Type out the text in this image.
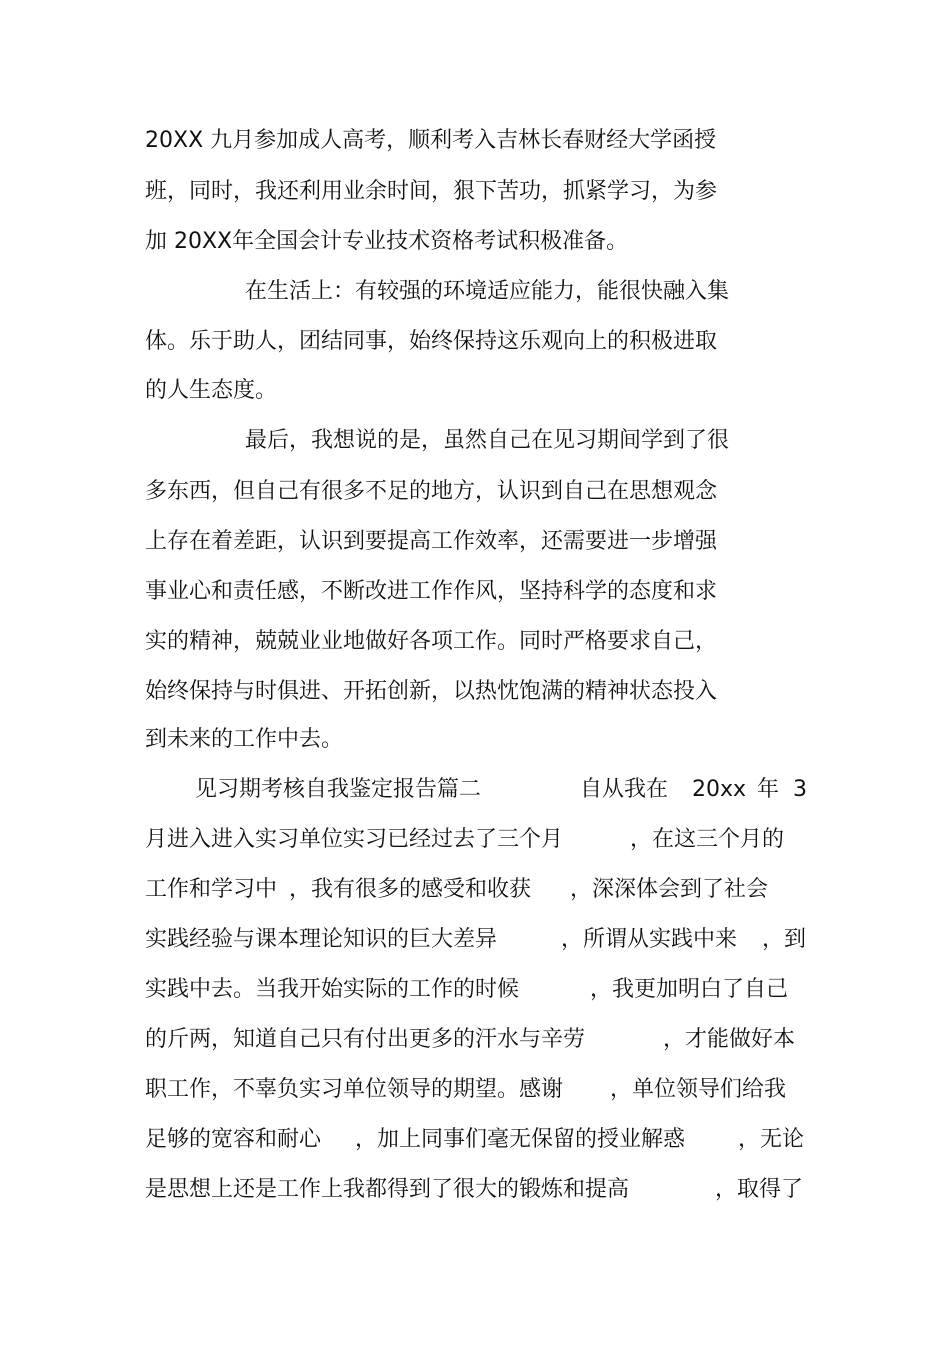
20XX 九月参加成人高考，顺利考入吉林长春财经大学函授
班，同时，我还利用业余时间，狠下苦功，抓紧学习，为参
加 20XX年全国会计专业技术资格考试积极准备。
在生活上：有较强的环境适应能力，能很快融入集
体。乐于助人，团结同事，始终保持这乐观向上的积极进取
的人生态度。
最后，我想说的是，虽然自己在见习期间学到了很
多东西，但自己有很多不足的地方，认识到自己在思想观念
上存在着差距，认识到要提高工作效率，还需要进一步增强
事业心和责任感，不断改进工作作风，坚持科学的态度和求
实的精神，兢兢业业地做好各项工作。同时严格要求自己，
始终保持与时俱进、开拓创新，以热忱饱满的精神状态投入
到未来的工作中去。
见习期考核自我鉴定报告篇二	自从我在 20xx 年 3
月进入进入实习单位实习已经过去了三个月	，在这三个月的
工作和学习中 ，我有很多的感受和收获 ，深深体会到了社会
实践经验与课本理论知识的巨大差异	，所谓从实践中来 ，到
实践中去。当我开始实际的工作的时候	，我更加明白了自己
的斤两，知道自己只有付出更多的汗水与辛劳	，才能做好本
职工作，不辜负实习单位领导的期望。感谢 ，单位领导们给我
足够的宽容和耐心 ，加上同事们毫无保留的授业解惑 ，无论
是思想上还是工作上我都得到了很大的锻炼和提高	，取得了
